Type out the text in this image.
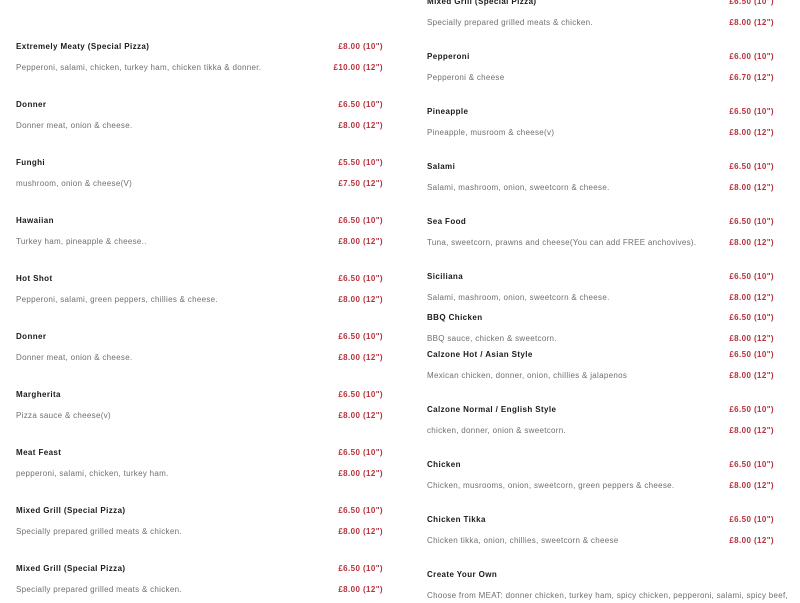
Extremely Meaty (Special Pizza)	£8.00 (10")
Pepperoni, salami, chicken, turkey ham, chicken tikka & donner.	£10.00 (12")
Donner	£6.50 (10")
Donner meat, onion & cheese.	£8.00 (12")
Funghi	£5.50 (10")
mushroom, onion & cheese(V)	£7.50 (12")
Hawaiian	£6.50 (10")
Turkey ham, pineapple & cheese..	£8.00 (12")
Hot Shot	£6.50 (10")
Pepperoni, salami, green peppers, chillies & cheese.	£8.00 (12")
Donner	£6.50 (10")
Donner meat, onion & cheese.	£8.00 (12")
Margherita	£6.50 (10")
Pizza sauce & cheese(v)	£8.00 (12")
Meat Feast	£6.50 (10")
pepperoni, salami, chicken, turkey ham.	£8.00 (12")
Mixed Grill (Special Pizza)	£6.50 (10")
Specially prepared grilled meats & chicken.	£8.00 (12")
Mixed Grill (Special Pizza)	£6.50 (10")
Specially prepared grilled meats & chicken.	£8.00 (12")
Mixed Grill (Special Pizza)	£6.50 (10")
Specially prepared grilled meats & chicken.	£8.00 (12")
Pepperoni	£6.00 (10")
Pepperoni & cheese	£6.70 (12")
Pineapple	£6.50 (10")
Pineapple, musroom & cheese(v)	£8.00 (12")
Salami	£6.50 (10")
Salami, mashroom, onion, sweetcorn & cheese.	£8.00 (12")
Sea Food	£6.50 (10")
Tuna, sweetcorn, prawns and cheese(You can add FREE anchovives).	£8.00 (12")
Siciliana	£6.50 (10")
Salami, mashroom, onion, sweetcorn & cheese.	£8.00 (12")
BBQ Chicken	£6.50 (10")
BBQ sauce, chicken & sweetcorn.	£8.00 (12")
Calzone Hot / Asian Style	£6.50 (10")
Mexican chicken, donner, onion, chillies & jalapenos	£8.00 (12")
Calzone Normal / English Style	£6.50 (10")
chicken, donner, onion & sweetcorn.	£8.00 (12")
Chicken	£6.50 (10")
Chicken, musrooms, onion, sweetcorn, green peppers & cheese.	£8.00 (12")
Chicken Tikka	£6.50 (10")
Chicken tikka, onion, chillies, sweetcorn & cheese	£8.00 (12")
Create Your Own
Choose from MEAT: donner chicken, turkey ham, spicy chicken, pepperoni, salami, spicy beef,
